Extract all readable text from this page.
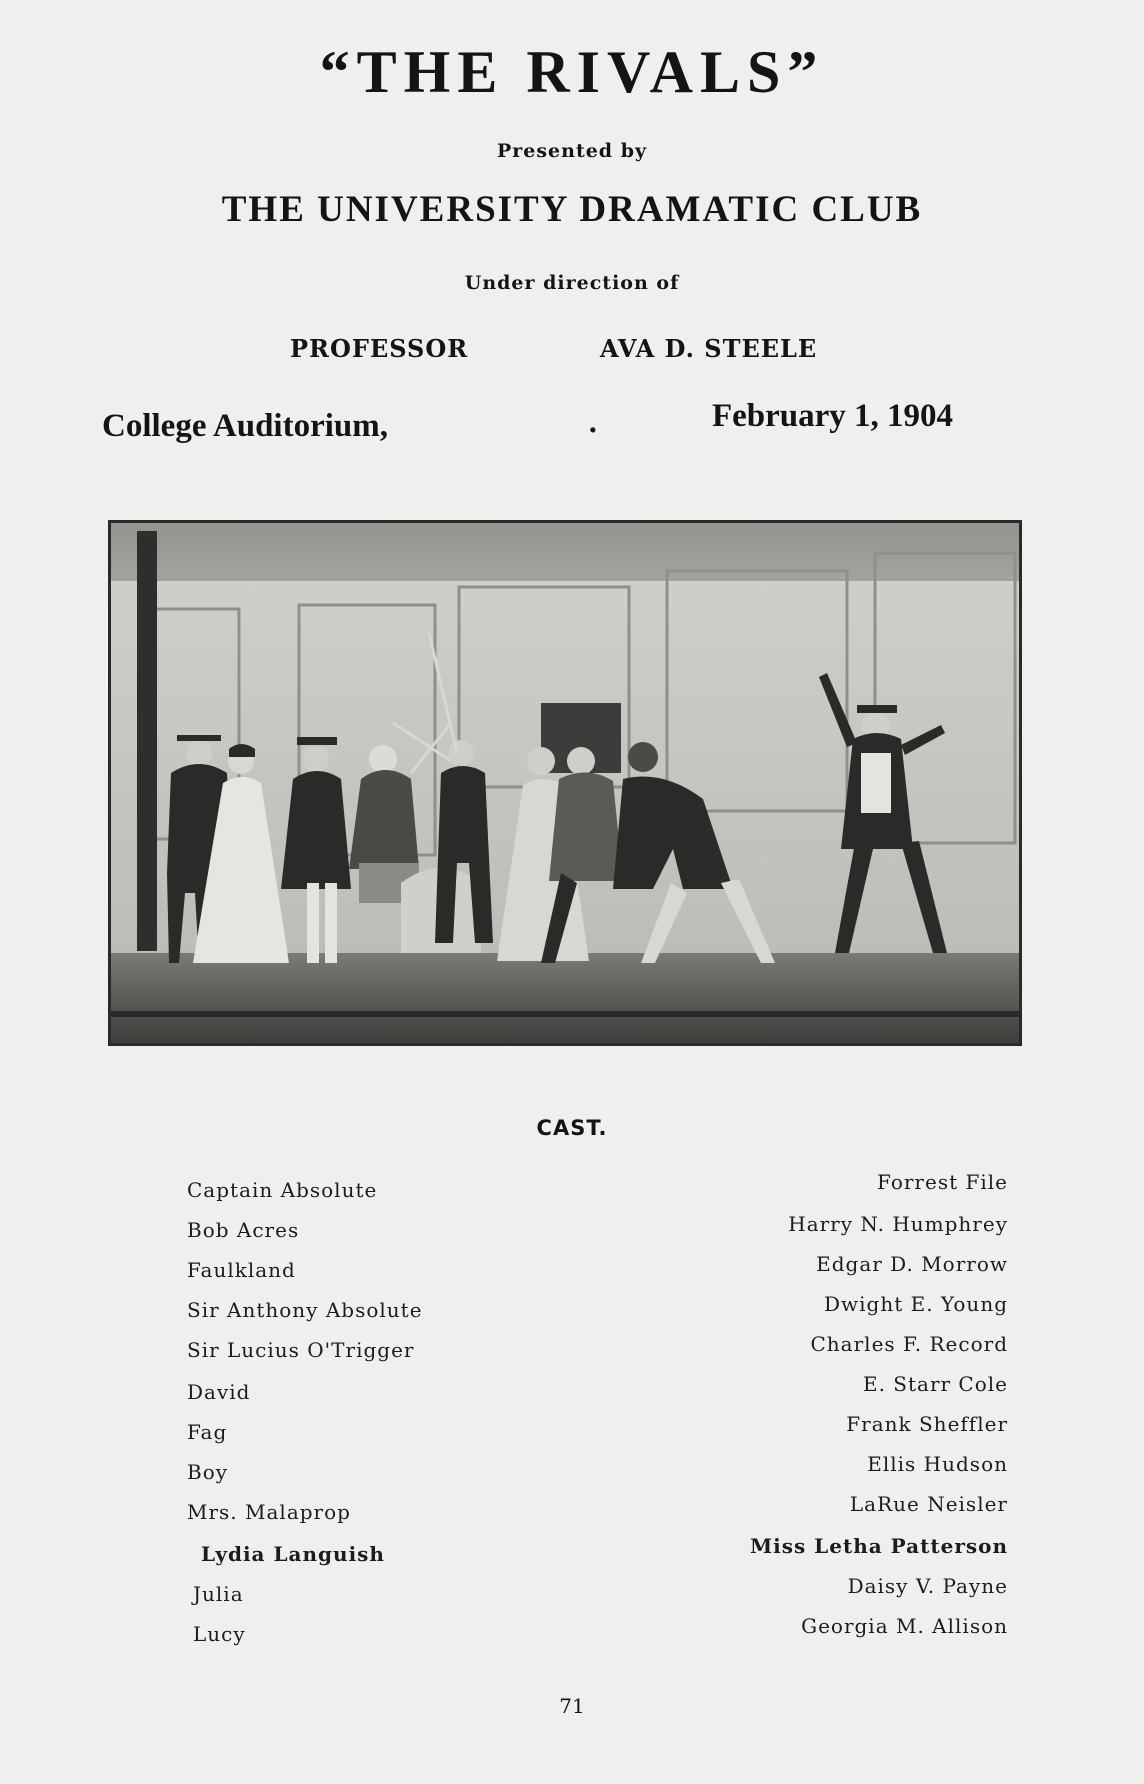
“THE RIVALS”
Presented by
THE UNIVERSITY DRAMATIC CLUB
Under direction of
PROFESSOR	AVA D. STEELE
College Auditorium,	.	February 1, 1904
CAST.
Captain Absolute	Forrest File
Bob Acres	Harry N. Humphrey
Faulkland	Edgar D. Morrow
Sir Anthony Absolute	Dwight E. Young
Sir Lucius O'Trigger	Charles F. Record
David	E. Starr Cole
Fag	Frank Sheffler
Boy	Ellis Hudson
Mrs. Malaprop	LaRue Neisler
Lydia Languish	Miss Letha Patterson
Julia	Daisy V. Payne
Lucy	Georgia M. Allison
71
